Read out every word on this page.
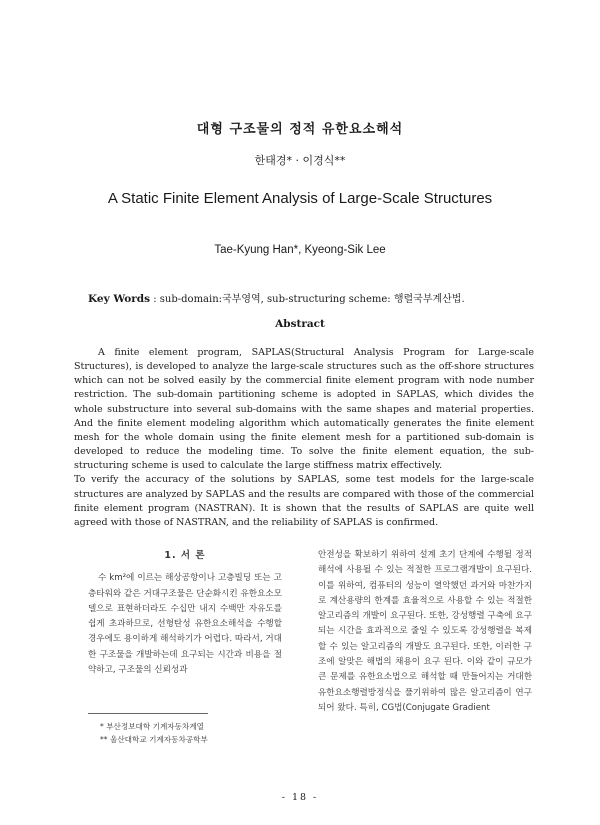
대형 구조물의 정적 유한요소해석
한태경* · 이경식**
A Static Finite Element Analysis of Large-Scale Structures
Tae-Kyung Han*, Kyeong-Sik Lee
Key Words : sub-domain:국부영역, sub-structuring scheme: 행렬국부계산법.
Abstract

A finite element program, SAPLAS(Structural Analysis Program for Large-scale Structures), is developed to analyze the large-scale structures such as the off-shore structures which can not be solved easily by the commercial finite element program with node number restriction. The sub-domain partitioning scheme is adopted in SAPLAS, which divides the whole substructure into several sub-domains with the same shapes and material properties. And the finite element modeling algorithm which automatically generates the finite element mesh for the whole domain using the finite element mesh for a partitioned sub-domain is developed to reduce the modeling time. To solve the finite element equation, the sub-structuring scheme is used to calculate the large stiffness matrix effectively.

To verify the accuracy of the solutions by SAPLAS, some test models for the large-scale structures are analyzed by SAPLAS and the results are compared with those of the commercial finite element program (NASTRAN). It is shown that the results of SAPLAS are quite well agreed with those of NASTRAN, and the reliability of SAPLAS is confirmed.

1. 서 론

수 km²에 이르는 해상공항이나 고층빌딩 또는 고층타워와 같은 거대구조물은 단순화시킨 유한요소모델으로 표현하더라도 수십만 내지 수백만 자유도를 쉽게 초과하므로, 선형탄성 유한요소해석을 수행할 경우에도 용이하게 해석하기가 어렵다. 따라서, 거대한 구조물을 개발하는데 요구되는 시간과 비용을 절약하고, 구조물의 신뢰성과

* 부산정보대학 기계자동차계열
** 울산대학교 기계자동차공학부

안전성을 확보하기 위하여 설계 초기 단계에 수행될 정적해석에 사용될 수 있는 적절한 프로그램개발이 요구된다. 이를 위하여, 컴퓨터의 성능이 열악했던 과거와 마찬가지로 계산용량의 한계를 효율적으로 사용할 수 있는 적절한 알고리즘의 개발이 요구된다. 또한, 강성행렬 구축에 요구되는 시간을 효과적으로 줄일 수 있도록 강성행렬을 복제할 수 있는 알고리즘의 개발도 요구된다. 또한, 이러한 구조에 알맞은 해법의 채용이 요구 된다. 이와 같이 규모가 큰 문제를 유한요소법으로 해석할 때 만들어지는 거대한 유한요소행렬방정식을 풀기위하여 많은 알고리즘이 연구되어 왔다. 특히, CG법(Conjugate Gradient

- 18 -
